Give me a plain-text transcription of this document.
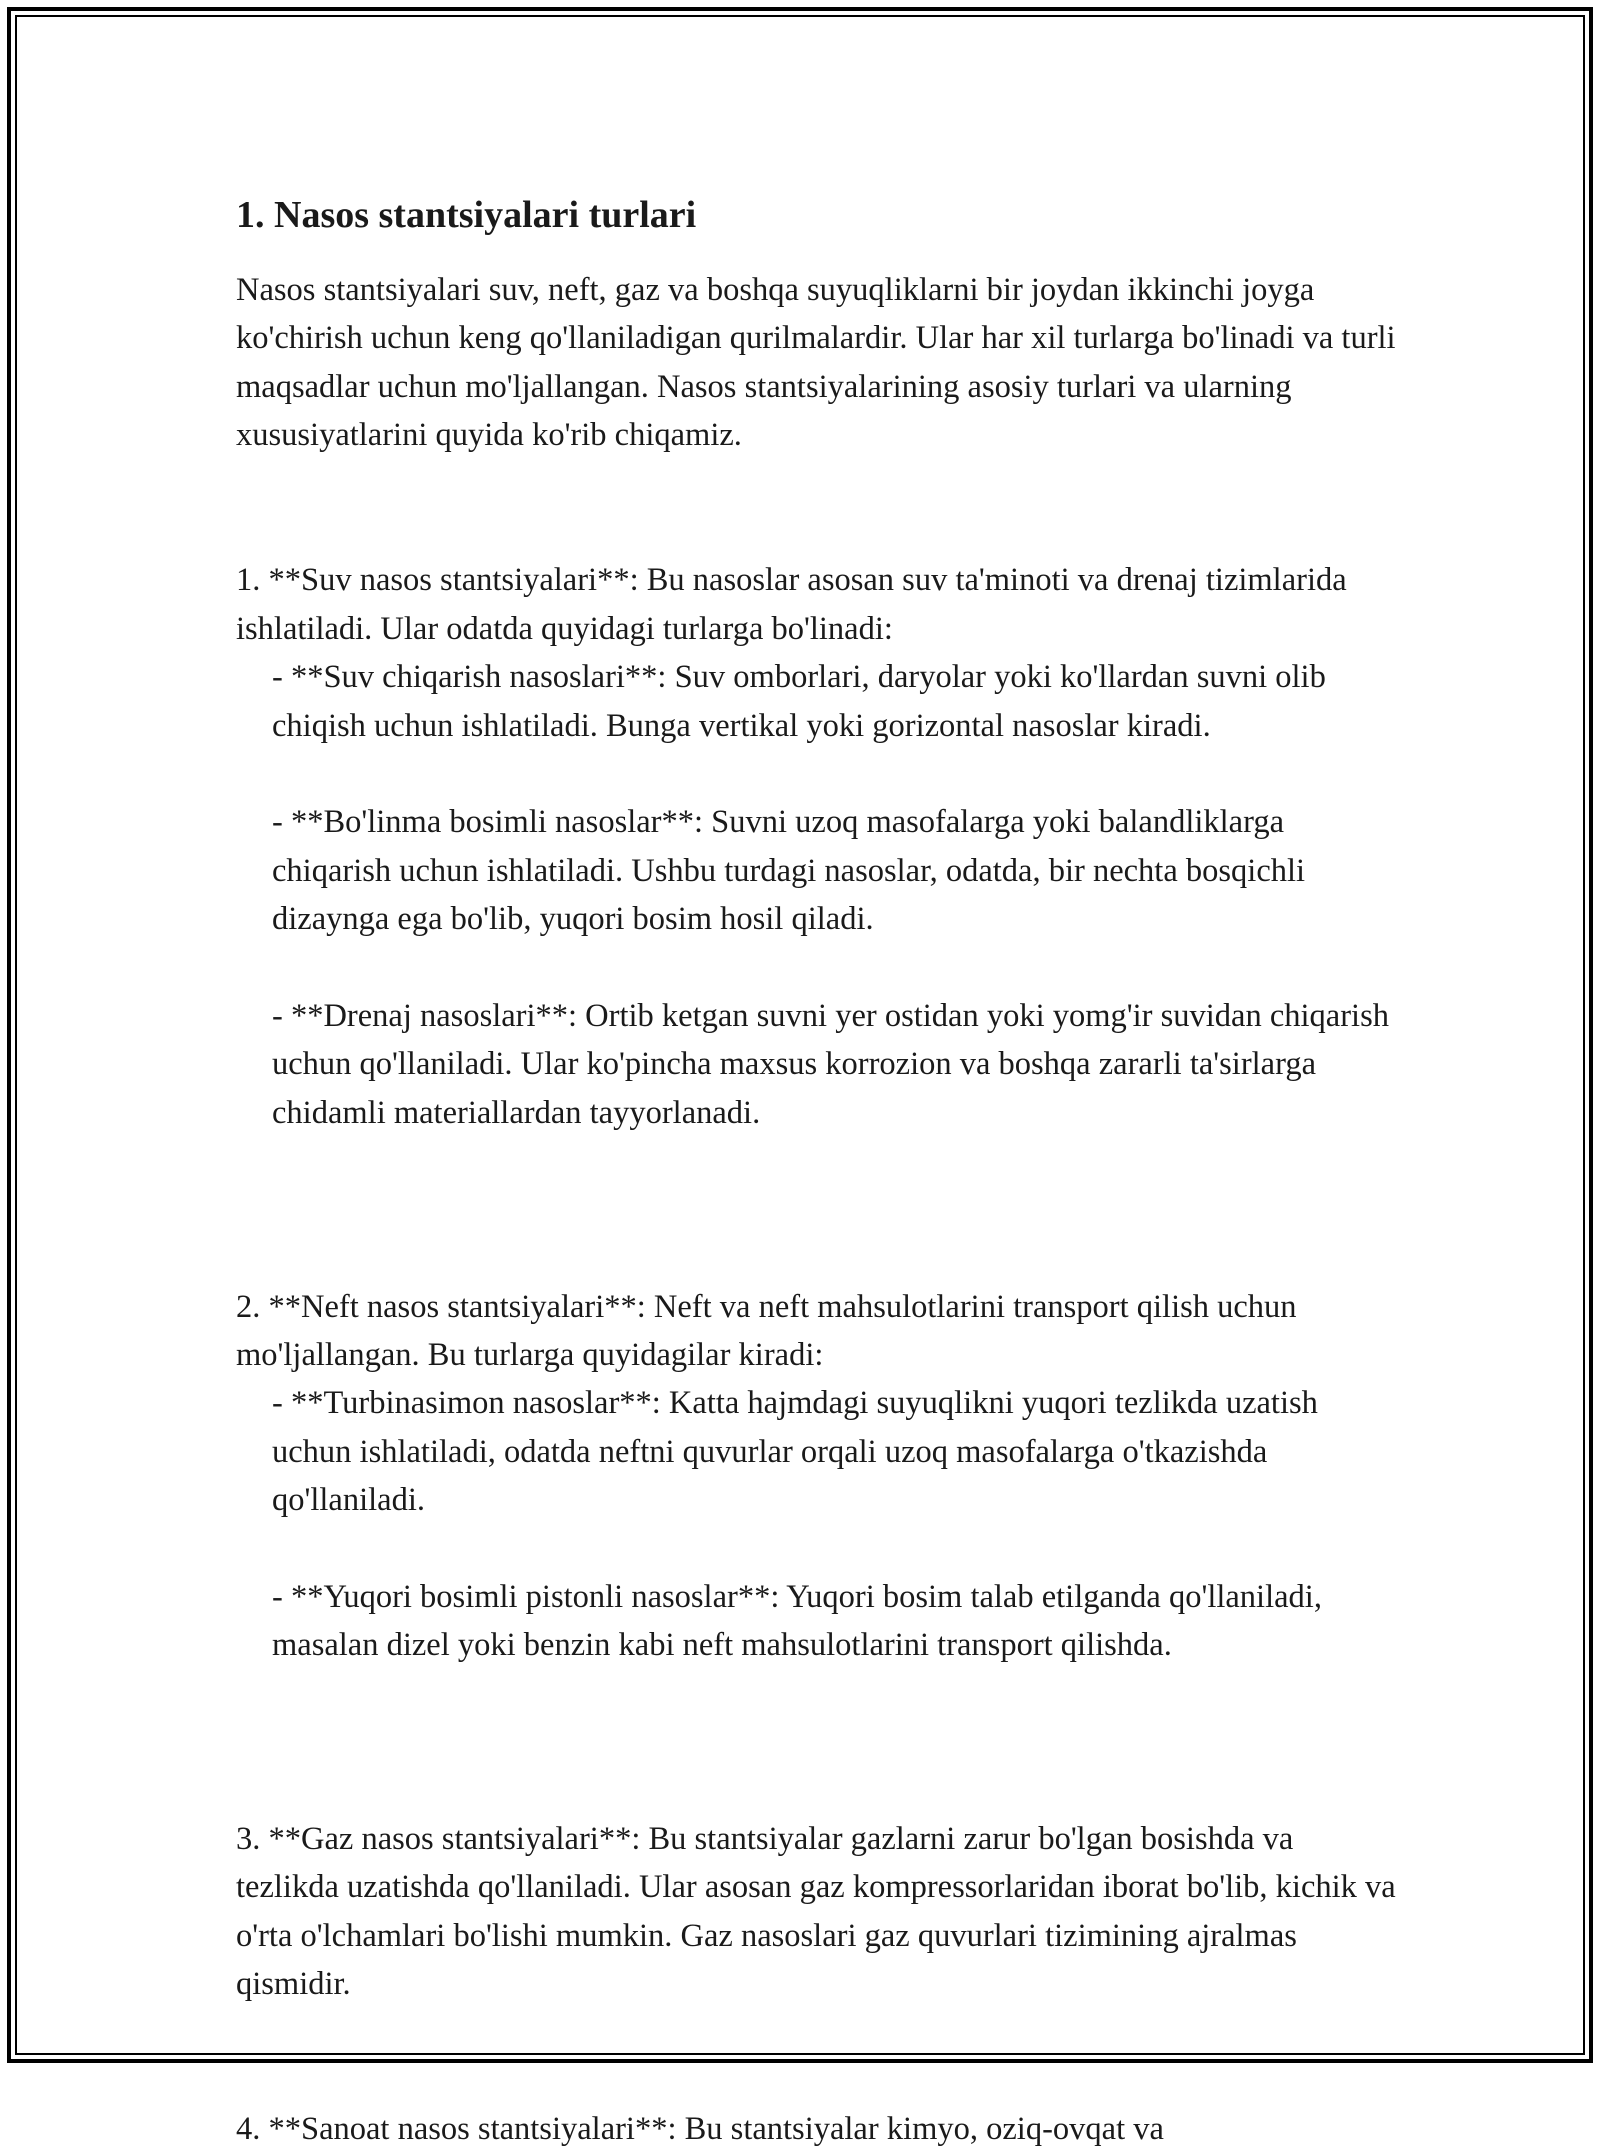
1. Nasos stantsiyalari turlari

Nasos stantsiyalari suv, neft, gaz va boshqa suyuqliklarni bir joydan ikkinchi joyga ko'chirish uchun keng qo'llaniladigan qurilmalardir. Ular har xil turlarga bo'linadi va turli maqsadlar uchun mo'ljallangan. Nasos stantsiyalarining asosiy turlari va ularning xususiyatlarini quyida ko'rib chiqamiz.

1. **Suv nasos stantsiyalari**: Bu nasoslar asosan suv ta'minoti va drenaj tizimlarida ishlatiladi. Ular odatda quyidagi turlarga bo'linadi:

- **Suv chiqarish nasoslari**: Suv omborlari, daryolar yoki ko'llardan suvni olib chiqish uchun ishlatiladi. Bunga vertikal yoki gorizontal nasoslar kiradi.

- **Bo'linma bosimli nasoslar**: Suvni uzoq masofalarga yoki balandliklarga chiqarish uchun ishlatiladi. Ushbu turdagi nasoslar, odatda, bir nechta bosqichli dizaynga ega bo'lib, yuqori bosim hosil qiladi.

- **Drenaj nasoslari**: Ortib ketgan suvni yer ostidan yoki yomg'ir suvidan chiqarish uchun qo'llaniladi. Ular ko'pincha maxsus korrozion va boshqa zararli ta'sirlarga chidamli materiallardan tayyorlanadi.

2. **Neft nasos stantsiyalari**: Neft va neft mahsulotlarini transport qilish uchun mo'ljallangan. Bu turlarga quyidagilar kiradi:

- **Turbinasimon nasoslar**: Katta hajmdagi suyuqlikni yuqori tezlikda uzatish uchun ishlatiladi, odatda neftni quvurlar orqali uzoq masofalarga o'tkazishda qo'llaniladi.

- **Yuqori bosimli pistonli nasoslar**: Yuqori bosim talab etilganda qo'llaniladi, masalan dizel yoki benzin kabi neft mahsulotlarini transport qilishda.

3. **Gaz nasos stantsiyalari**: Bu stantsiyalar gazlarni zarur bo'lgan bosishda va tezlikda uzatishda qo'llaniladi. Ular asosan gaz kompressorlaridan iborat bo'lib, kichik va o'rta o'lchamlari bo'lishi mumkin. Gaz nasoslari gaz quvurlari tizimining ajralmas qismidir.

4. **Sanoat nasos stantsiyalari**: Bu stantsiyalar kimyo, oziq-ovqat va
